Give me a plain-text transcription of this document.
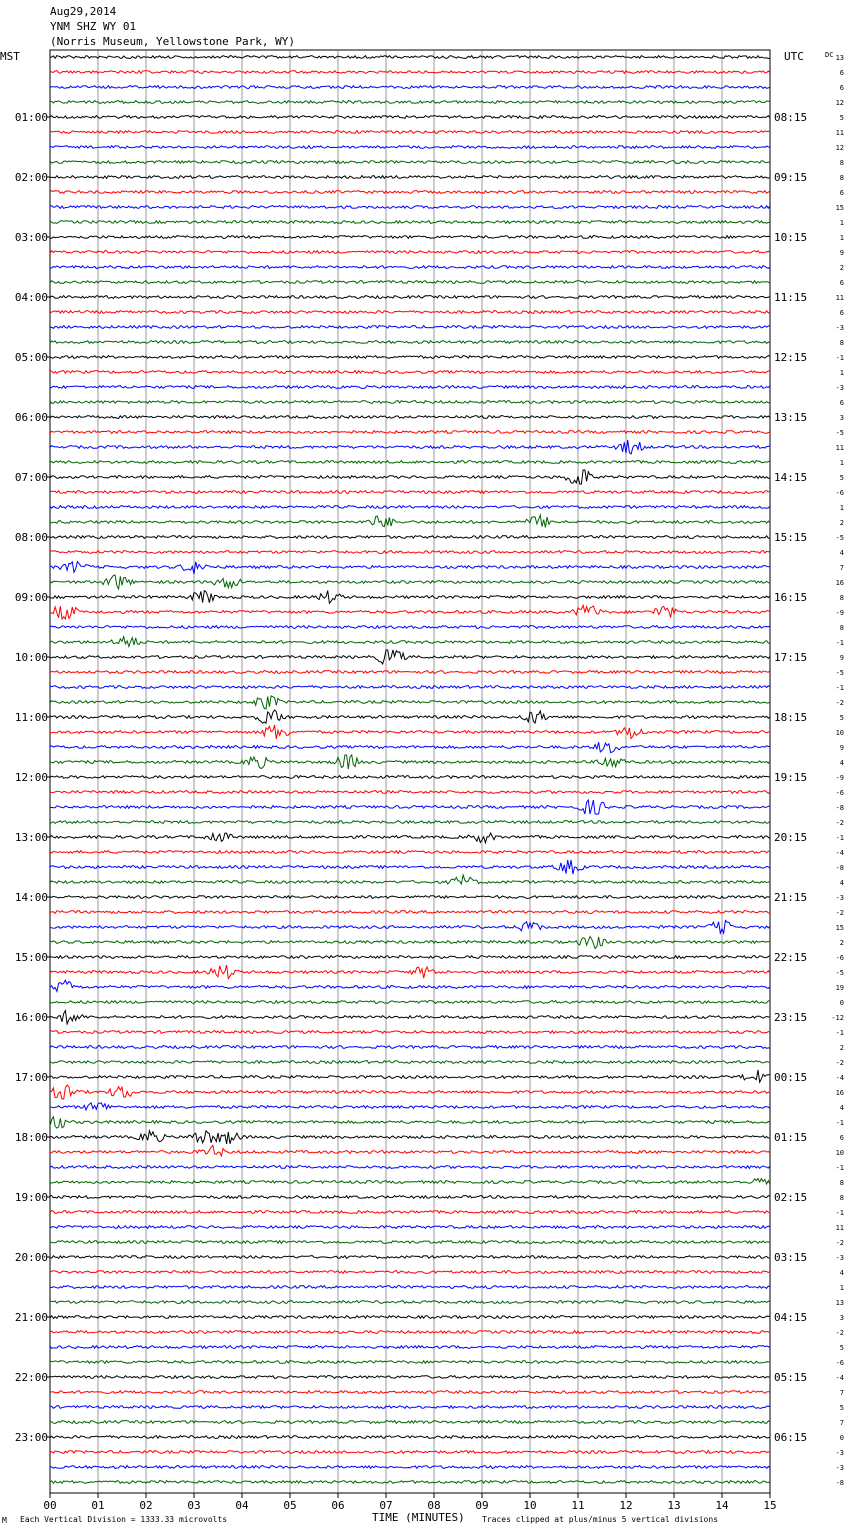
Aug29,2014
YNM SHZ WY 01
(Norris Museum, Yellowstone Park, WY)
MST	UTC
01:00
02:00
03:00
04:00
05:00
06:00
07:00
08:00
09:00
10:00
11:00
12:00
13:00
14:00
15:00
16:00
17:00
18:00
19:00
20:00
21:00
22:00
23:00
08:15
09:15
10:15
11:15
12:15
13:15
14:15
15:15
16:15
17:15
18:15
19:15
20:15
21:15
22:15
23:15
00:15
01:15
02:15
03:15
04:15
05:15
06:15
DC 13
6
6
12
5
11
12
8
8
6
15
1
1
9
2
6
11
6
-3
8
-1
1
-3
6
3
-5
11
1
5
-6
1
2
-5
4
7
16
8
-9
8
-1
9
-5
-1
-2
5
10
9
4
-9
-6
-8
-2
-1
-4
-8
4
-3
-2
15
2
-6
-5
19
0
-12
-1
2
-2
-4
16
4
-1
6
10
-1
8
8
-1
11
-2
-3
4
1
13
3
-2
5
-6
-4
7
5
7
0
-3
-3
-8
00	01	02	03	04	05	06	07	08	09	10	11	12	13	14	15
M Each Vertical Division = 1333.33 microvolts	TIME (MINUTES) Traces clipped at plus/minus 5 vertical divisions
